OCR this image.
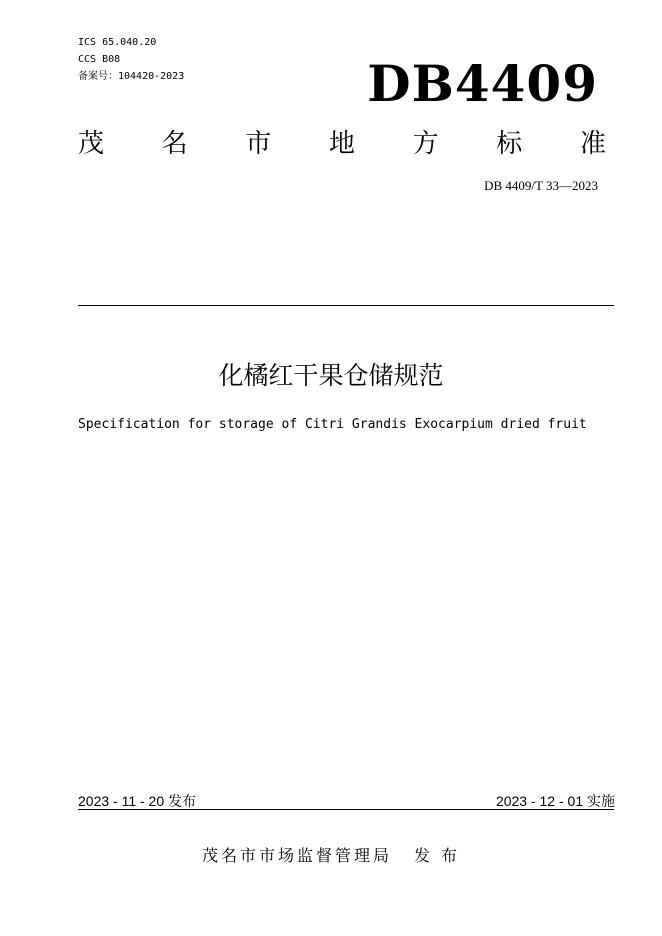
ICS 65.040.20
CCS B08
备案号：104420-2023	DB4409
茂 名 市 地 方 标 准
DB 4409/T 33—2023
化橘红干果仓储规范
Specification for storage of Citri Grandis Exocarpium dried fruit
2023 - 11 - 20 发布	2023 - 12 - 01 实施
茂名市市场监督管理局 发 布
